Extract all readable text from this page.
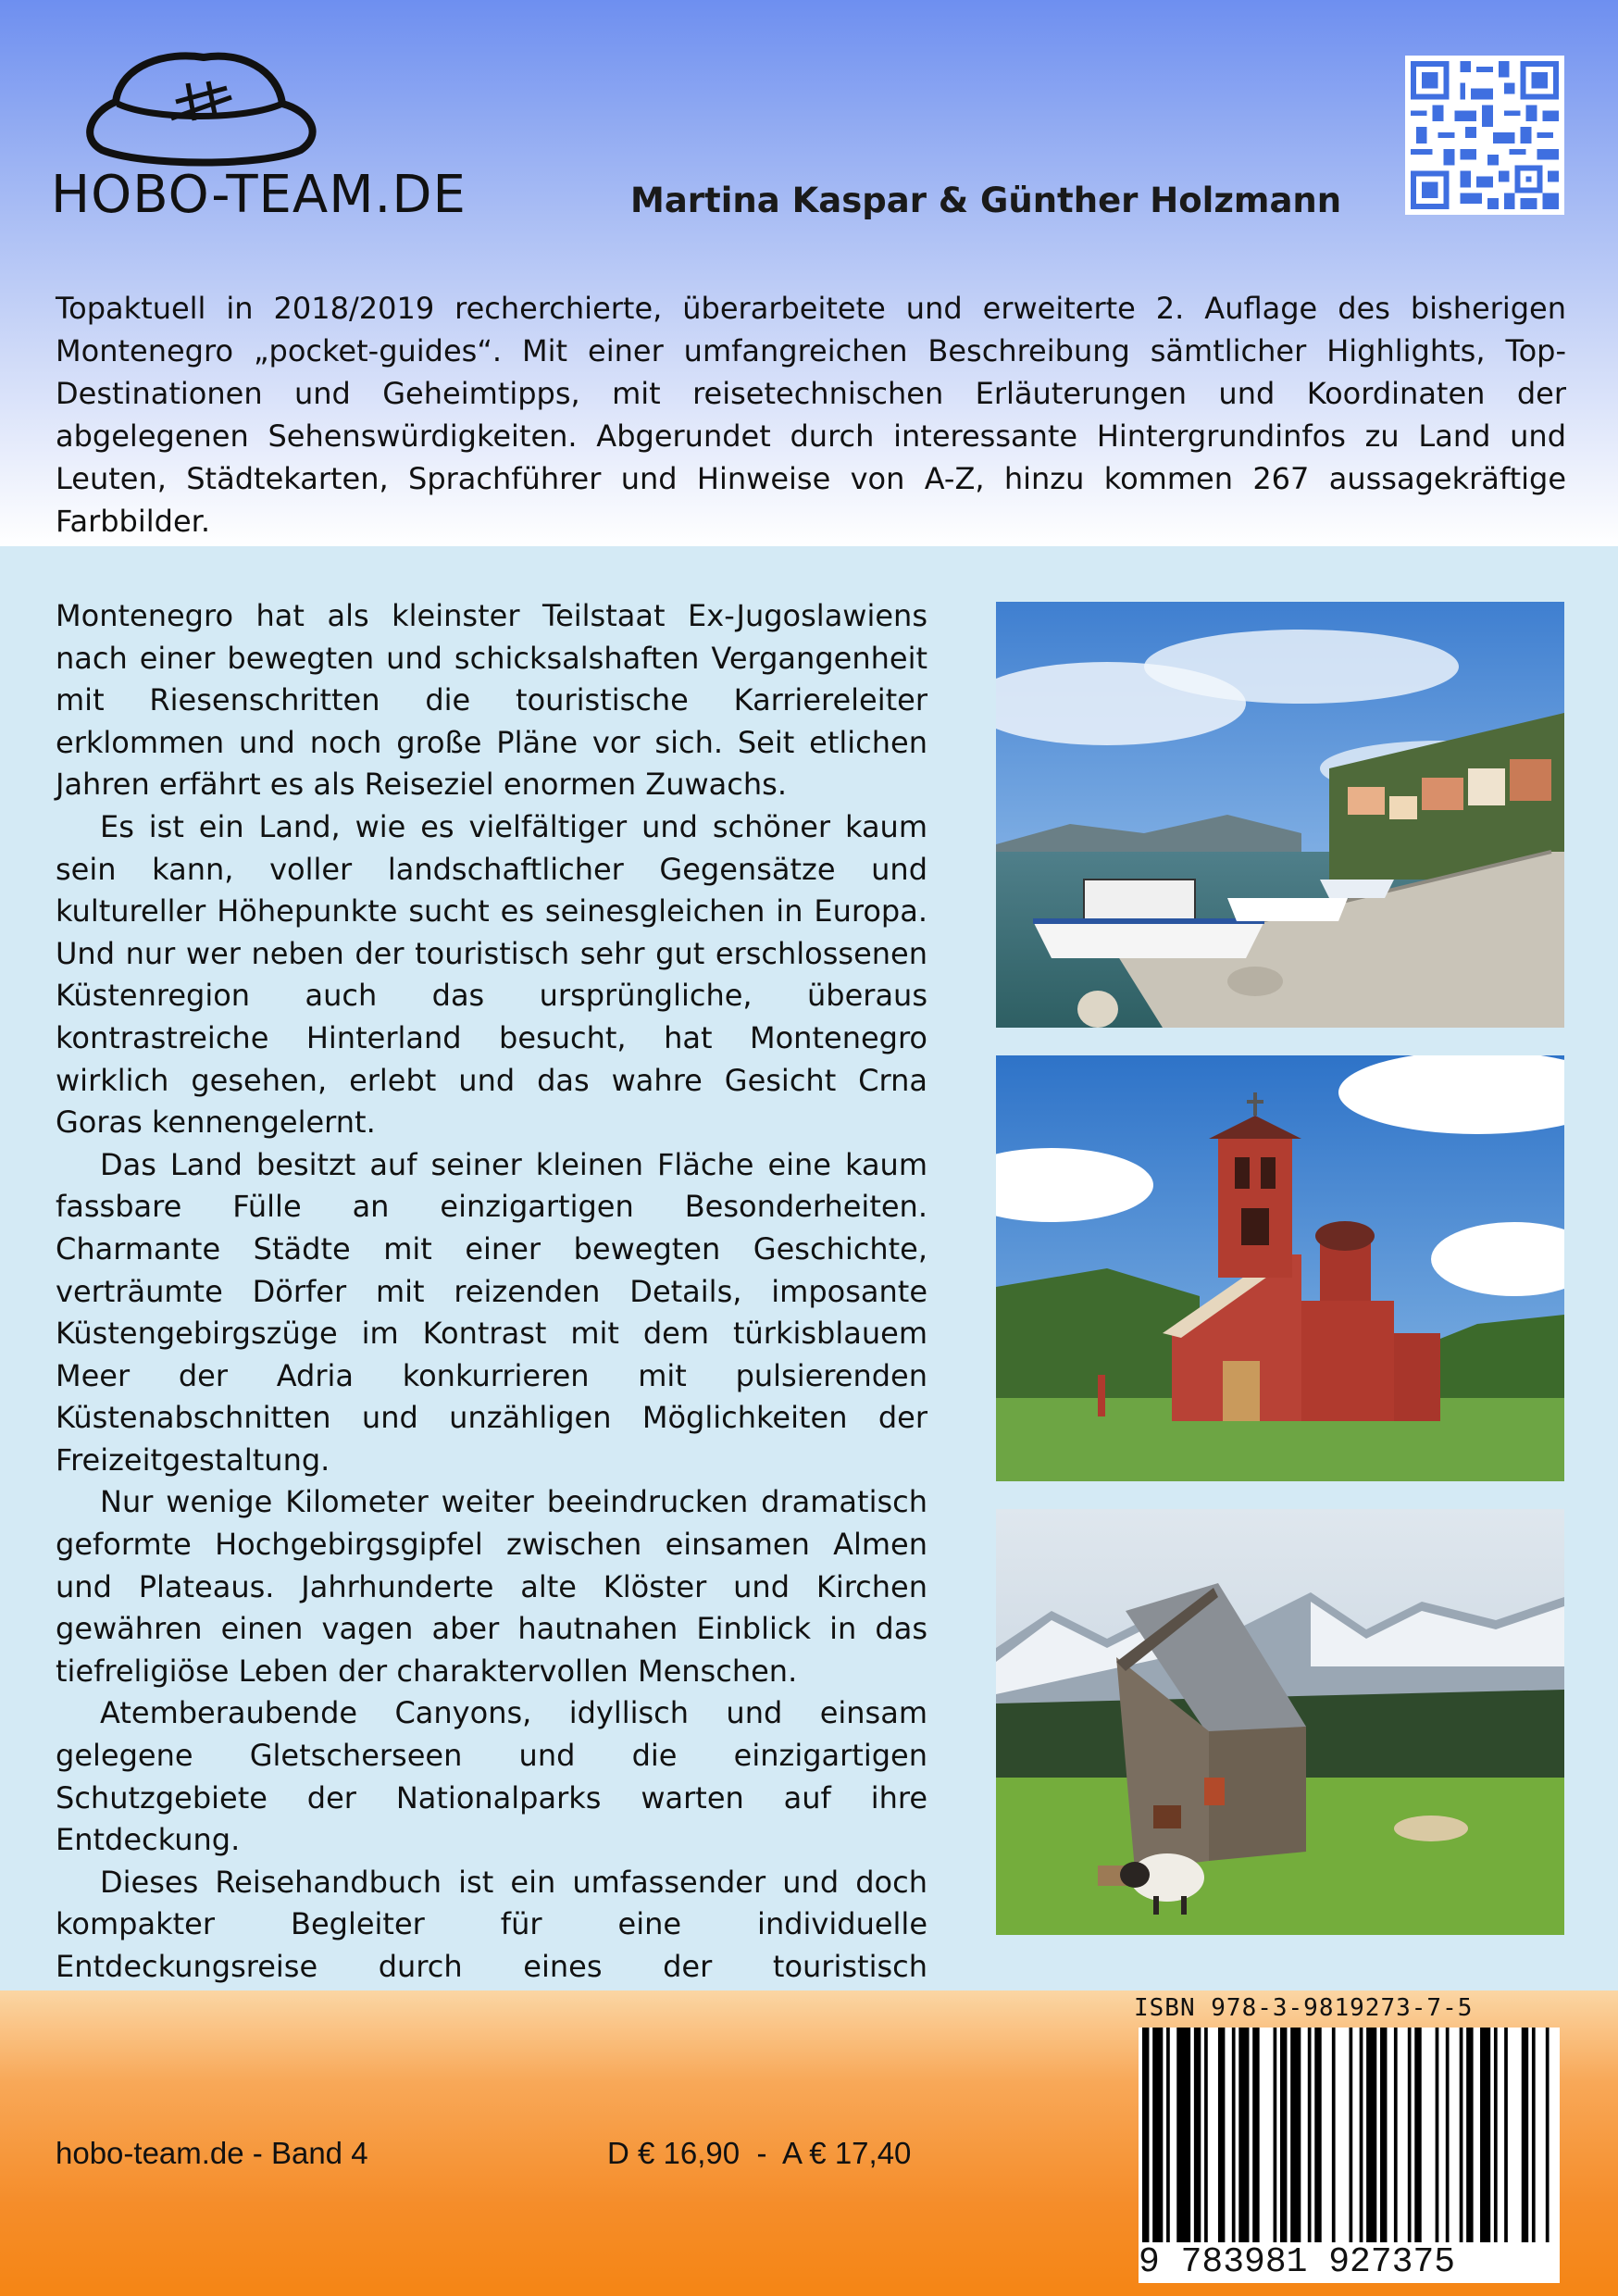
HOBO-TEAM.DE	Martina Kaspar & Günther Holzmann

Topaktuell in 2018/2019 recherchierte, überarbeitete und erweiterte 2. Auflage des bisherigen Montenegro „pocket-guides“. Mit einer umfangreichen Beschreibung sämtlicher Highlights, Top-Destinationen und Geheimtipps, mit reisetechnischen Erläuterungen und Koordinaten der abgelegenen Sehenswürdigkeiten. Abgerundet durch interessante Hintergrundinfos zu Land und Leuten, Städtekarten, Sprachführer und Hinweise von A-Z, hinzu kommen 267 aussagekräftige Farbbilder.

Montenegro hat als kleinster Teilstaat Ex-Jugoslawiens nach einer bewegten und schicksalshaften Vergangenheit mit Riesenschritten die touristische Karriereleiter erklommen und noch große Pläne vor sich. Seit etlichen Jahren erfährt es als Reiseziel enormen Zuwachs.

Es ist ein Land, wie es vielfältiger und schöner kaum sein kann, voller landschaftlicher Gegensätze und kultureller Höhepunkte sucht es seinesgleichen in Europa. Und nur wer neben der touristisch sehr gut erschlossenen Küstenregion auch das ursprüngliche, überaus kontrastreiche Hinterland besucht, hat Montenegro wirklich gesehen, erlebt und das wahre Gesicht Crna Goras kennengelernt.

Das Land besitzt auf seiner kleinen Fläche eine kaum fassbare Fülle an einzigartigen Besonderheiten. Charmante Städte mit einer bewegten Geschichte, verträumte Dörfer mit reizenden Details, imposante Küstengebirgszüge im Kontrast mit dem türkisblauem Meer der Adria konkurrieren mit pulsierenden Küstenabschnitten und unzähligen Möglichkeiten der Freizeitgestaltung.

Nur wenige Kilometer weiter beeindrucken dramatisch geformte Hochgebirgsgipfel zwischen einsamen Almen und Plateaus. Jahrhunderte alte Klöster und Kirchen gewähren einen vagen aber hautnahen Einblick in das tiefreligiöse Leben der charaktervollen Menschen.

Atemberaubende Canyons, idyllisch und einsam gelegene Gletscherseen und die einzigartigen Schutzgebiete der Nationalparks warten auf ihre Entdeckung.

Dieses Reisehandbuch ist ein umfassender und doch kompakter Begleiter für eine individuelle Entdeckungsreise durch eines der touristisch

hobo-team.de - Band 4	D € 16,90  -  A € 17,40
ISBN 978-3-9819273-7-5
9 783981 927375
